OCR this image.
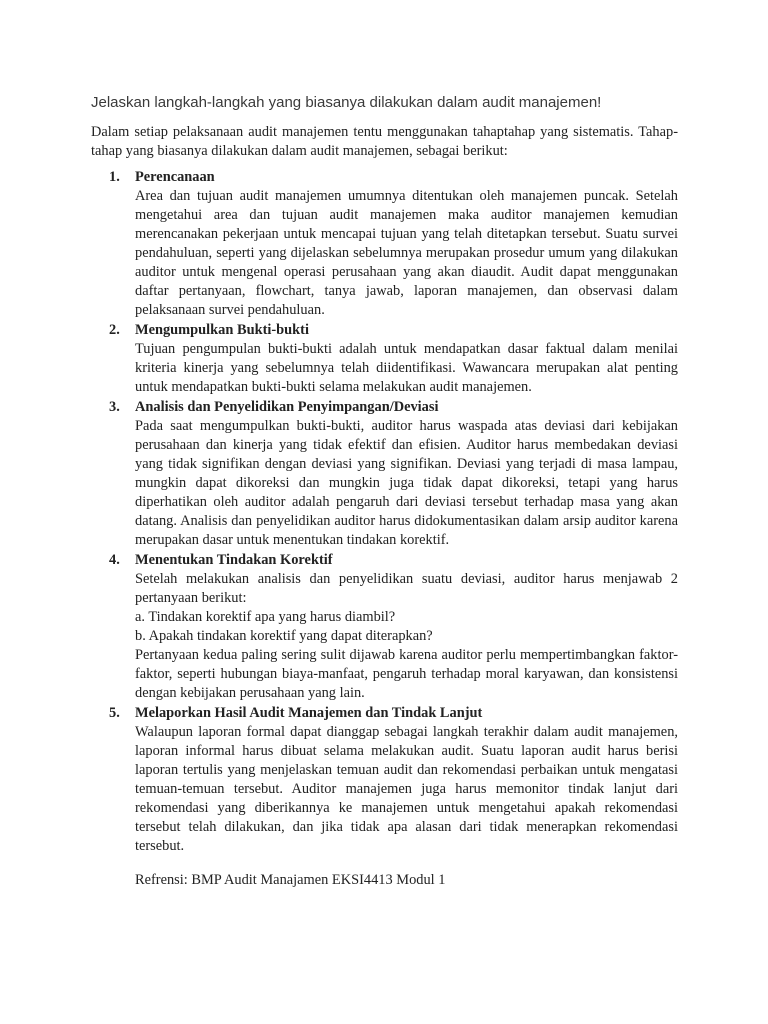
Jelaskan langkah-langkah yang biasanya dilakukan dalam audit manajemen!

Dalam setiap pelaksanaan audit manajemen tentu menggunakan tahaptahap yang sistematis. Tahap-tahap yang biasanya dilakukan dalam audit manajemen, sebagai berikut:

1. Perencanaan

Area dan tujuan audit manajemen umumnya ditentukan oleh manajemen puncak. Setelah mengetahui area dan tujuan audit manajemen maka auditor manajemen kemudian merencanakan pekerjaan untuk mencapai tujuan yang telah ditetapkan tersebut. Suatu survei pendahuluan, seperti yang dijelaskan sebelumnya merupakan prosedur umum yang dilakukan auditor untuk mengenal operasi perusahaan yang akan diaudit. Audit dapat menggunakan daftar pertanyaan, flowchart, tanya jawab, laporan manajemen, dan observasi dalam pelaksanaan survei pendahuluan.

2. Mengumpulkan Bukti-bukti

Tujuan pengumpulan bukti-bukti adalah untuk mendapatkan dasar faktual dalam menilai kriteria kinerja yang sebelumnya telah diidentifikasi. Wawancara merupakan alat penting untuk mendapatkan bukti-bukti selama melakukan audit manajemen.

3. Analisis dan Penyelidikan Penyimpangan/Deviasi

Pada saat mengumpulkan bukti-bukti, auditor harus waspada atas deviasi dari kebijakan perusahaan dan kinerja yang tidak efektif dan efisien. Auditor harus membedakan deviasi yang tidak signifikan dengan deviasi yang signifikan. Deviasi yang terjadi di masa lampau, mungkin dapat dikoreksi dan mungkin juga tidak dapat dikoreksi, tetapi yang harus diperhatikan oleh auditor adalah pengaruh dari deviasi tersebut terhadap masa yang akan datang. Analisis dan penyelidikan auditor harus didokumentasikan dalam arsip auditor karena merupakan dasar untuk menentukan tindakan korektif.

4. Menentukan Tindakan Korektif

Setelah melakukan analisis dan penyelidikan suatu deviasi, auditor harus menjawab 2 pertanyaan berikut:

a. Tindakan korektif apa yang harus diambil?
b. Apakah tindakan korektif yang dapat diterapkan?

Pertanyaan kedua paling sering sulit dijawab karena auditor perlu mempertimbangkan faktor-faktor, seperti hubungan biaya-manfaat, pengaruh terhadap moral karyawan, dan konsistensi dengan kebijakan perusahaan yang lain.

5. Melaporkan Hasil Audit Manajemen dan Tindak Lanjut

Walaupun laporan formal dapat dianggap sebagai langkah terakhir dalam audit manajemen, laporan informal harus dibuat selama melakukan audit. Suatu laporan audit harus berisi laporan tertulis yang menjelaskan temuan audit dan rekomendasi perbaikan untuk mengatasi temuan-temuan tersebut. Auditor manajemen juga harus memonitor tindak lanjut dari rekomendasi yang diberikannya ke manajemen untuk mengetahui apakah rekomendasi tersebut telah dilakukan, dan jika tidak apa alasan dari tidak menerapkan rekomendasi tersebut.

Refrensi: BMP Audit Manajamen EKSI4413 Modul 1
